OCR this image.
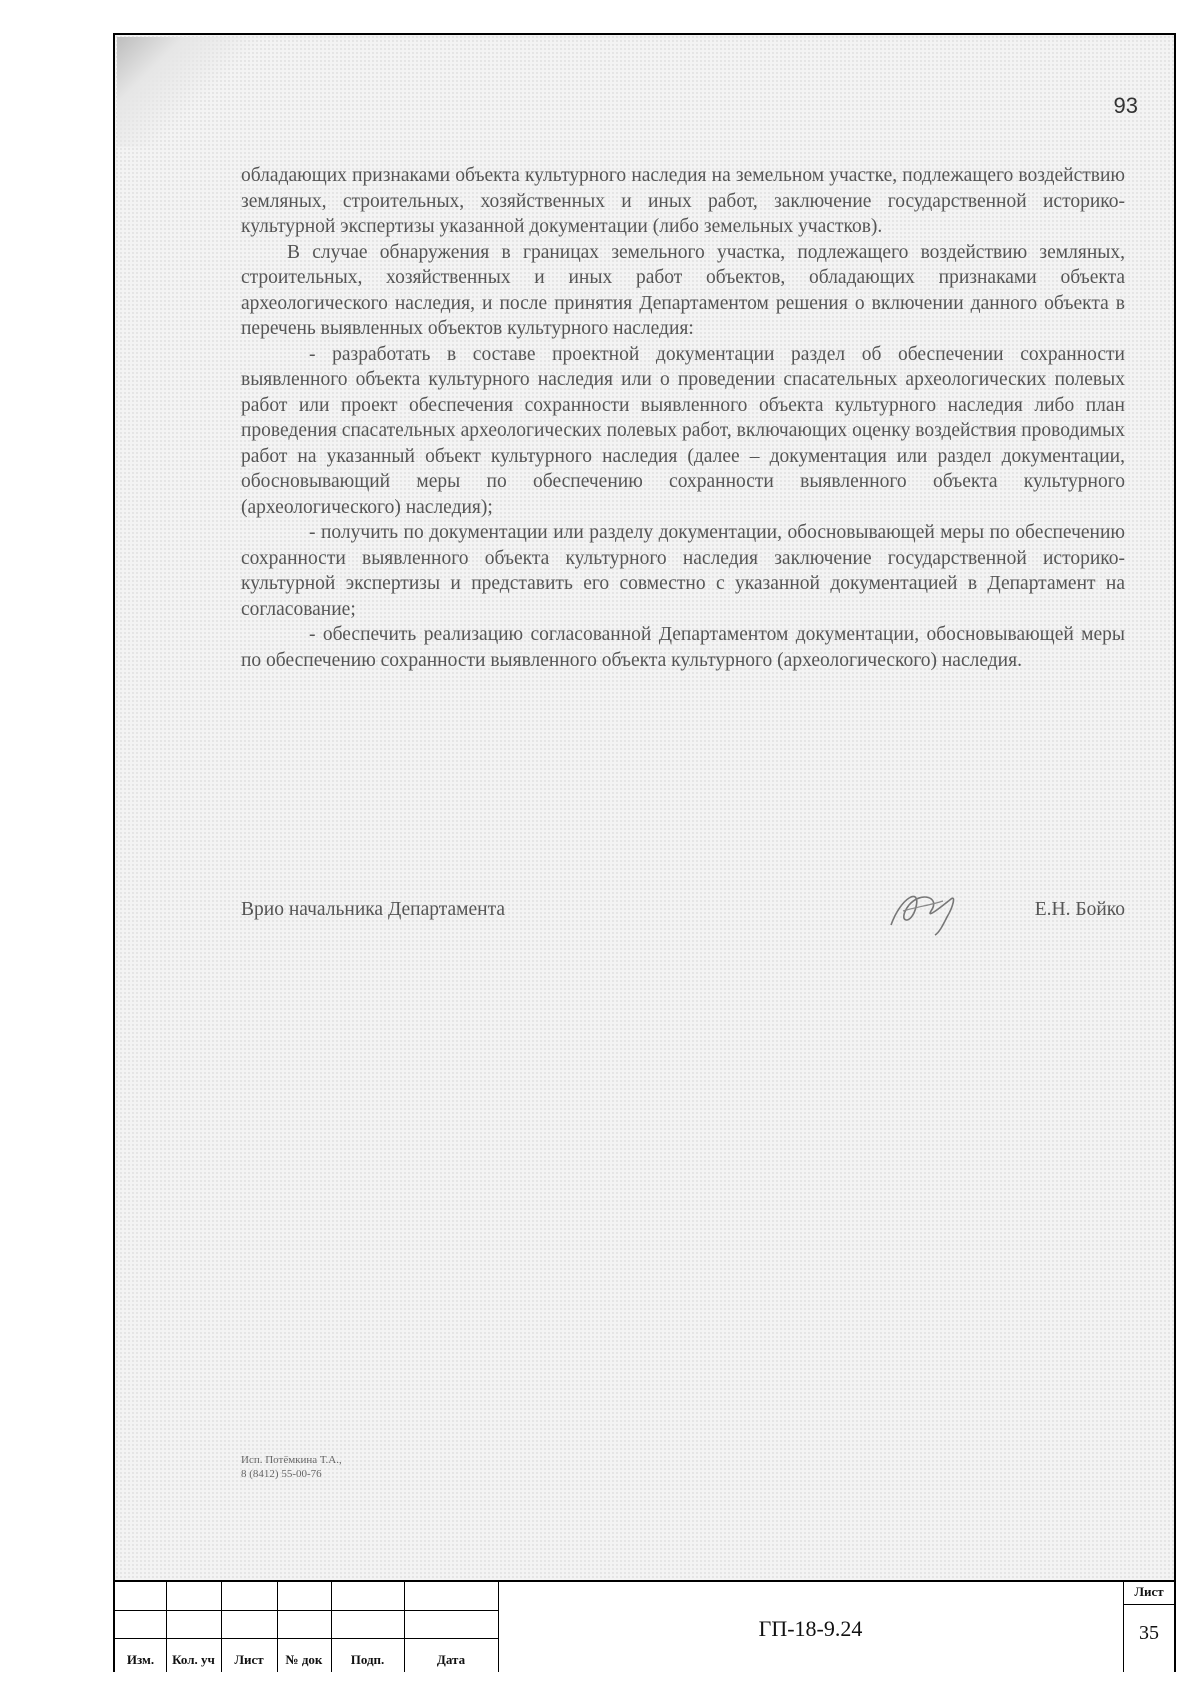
93

обладающих признаками объекта культурного наследия на земельном участке, подлежащего воздействию земляных, строительных, хозяйственных и иных работ, заключение государственной историко-культурной экспертизы указанной документации (либо земельных участков).

В случае обнаружения в границах земельного участка, подлежащего воздействию земляных, строительных, хозяйственных и иных работ объектов, обладающих признаками объекта археологического наследия, и после принятия Департаментом решения о включении данного объекта в перечень выявленных объектов культурного наследия:

- разработать в составе проектной документации раздел об обеспечении сохранности выявленного объекта культурного наследия или о проведении спасательных археологических полевых работ или проект обеспечения сохранности выявленного объекта культурного наследия либо план проведения спасательных археологических полевых работ, включающих оценку воздействия проводимых работ на указанный объект культурного наследия (далее – документация или раздел документации, обосновывающий меры по обеспечению сохранности выявленного объекта культурного (археологического) наследия);

- получить по документации или разделу документации, обосновывающей меры по обеспечению сохранности выявленного объекта культурного наследия заключение государственной историко-культурной экспертизы и представить его совместно с указанной документацией в Департамент на согласование;

- обеспечить реализацию согласованной Департаментом документации, обосновывающей меры по обеспечению сохранности выявленного объекта культурного (археологического) наследия.

Врио начальника Департамента	Е.Н. Бойко
Исп. Потёмкина Т.А.,
8 (8412) 55-00-76
Изм.	Кол. уч	Лист	№ док	Подп.	Дата
ГП-18-9.24
Лист
35
